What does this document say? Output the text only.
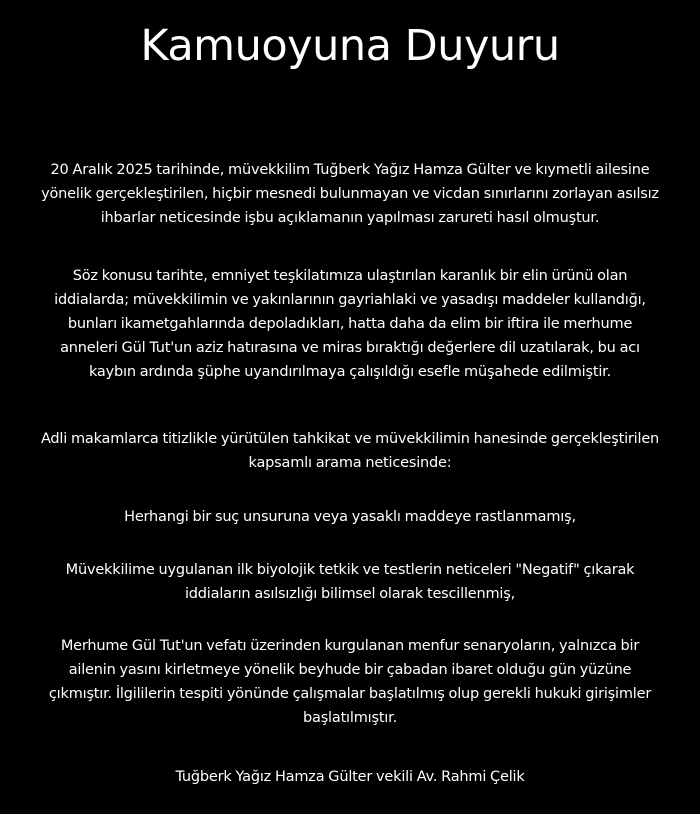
Kamuoyuna Duyuru
20 Aralık 2025 tarihinde, müvekkilim Tuğberk Yağız Hamza Gülter ve kıymetli ailesine
yönelik gerçekleştirilen, hiçbir mesnedi bulunmayan ve vicdan sınırlarını zorlayan asılsız
ihbarlar neticesinde işbu açıklamanın yapılması zarureti hasıl olmuştur.
Söz konusu tarihte, emniyet teşkilatımıza ulaştırılan karanlık bir elin ürünü olan
iddialarda; müvekkilimin ve yakınlarının gayriahlaki ve yasadışı maddeler kullandığı,
bunları ikametgahlarında depoladıkları, hatta daha da elim bir iftira ile merhume
anneleri Gül Tut'un aziz hatırasına ve miras bıraktığı değerlere dil uzatılarak, bu acı
kaybın ardında şüphe uyandırılmaya çalışıldığı esefle müşahede edilmiştir.
Adli makamlarca titizlikle yürütülen tahkikat ve müvekkilimin hanesinde gerçekleştirilen
kapsamlı arama neticesinde:
Herhangi bir suç unsuruna veya yasaklı maddeye rastlanmamış,
Müvekkilime uygulanan ilk biyolojik tetkik ve testlerin neticeleri "Negatif" çıkarak
iddiaların asılsızlığı bilimsel olarak tescillenmiş,
Merhume Gül Tut'un vefatı üzerinden kurgulanan menfur senaryoların, yalnızca bir
ailenin yasını kirletmeye yönelik beyhude bir çabadan ibaret olduğu gün yüzüne
çıkmıştır. İlgililerin tespiti yönünde çalışmalar başlatılmış olup gerekli hukuki girişimler
başlatılmıştır.
Tuğberk Yağız Hamza Gülter vekili Av. Rahmi Çelik
